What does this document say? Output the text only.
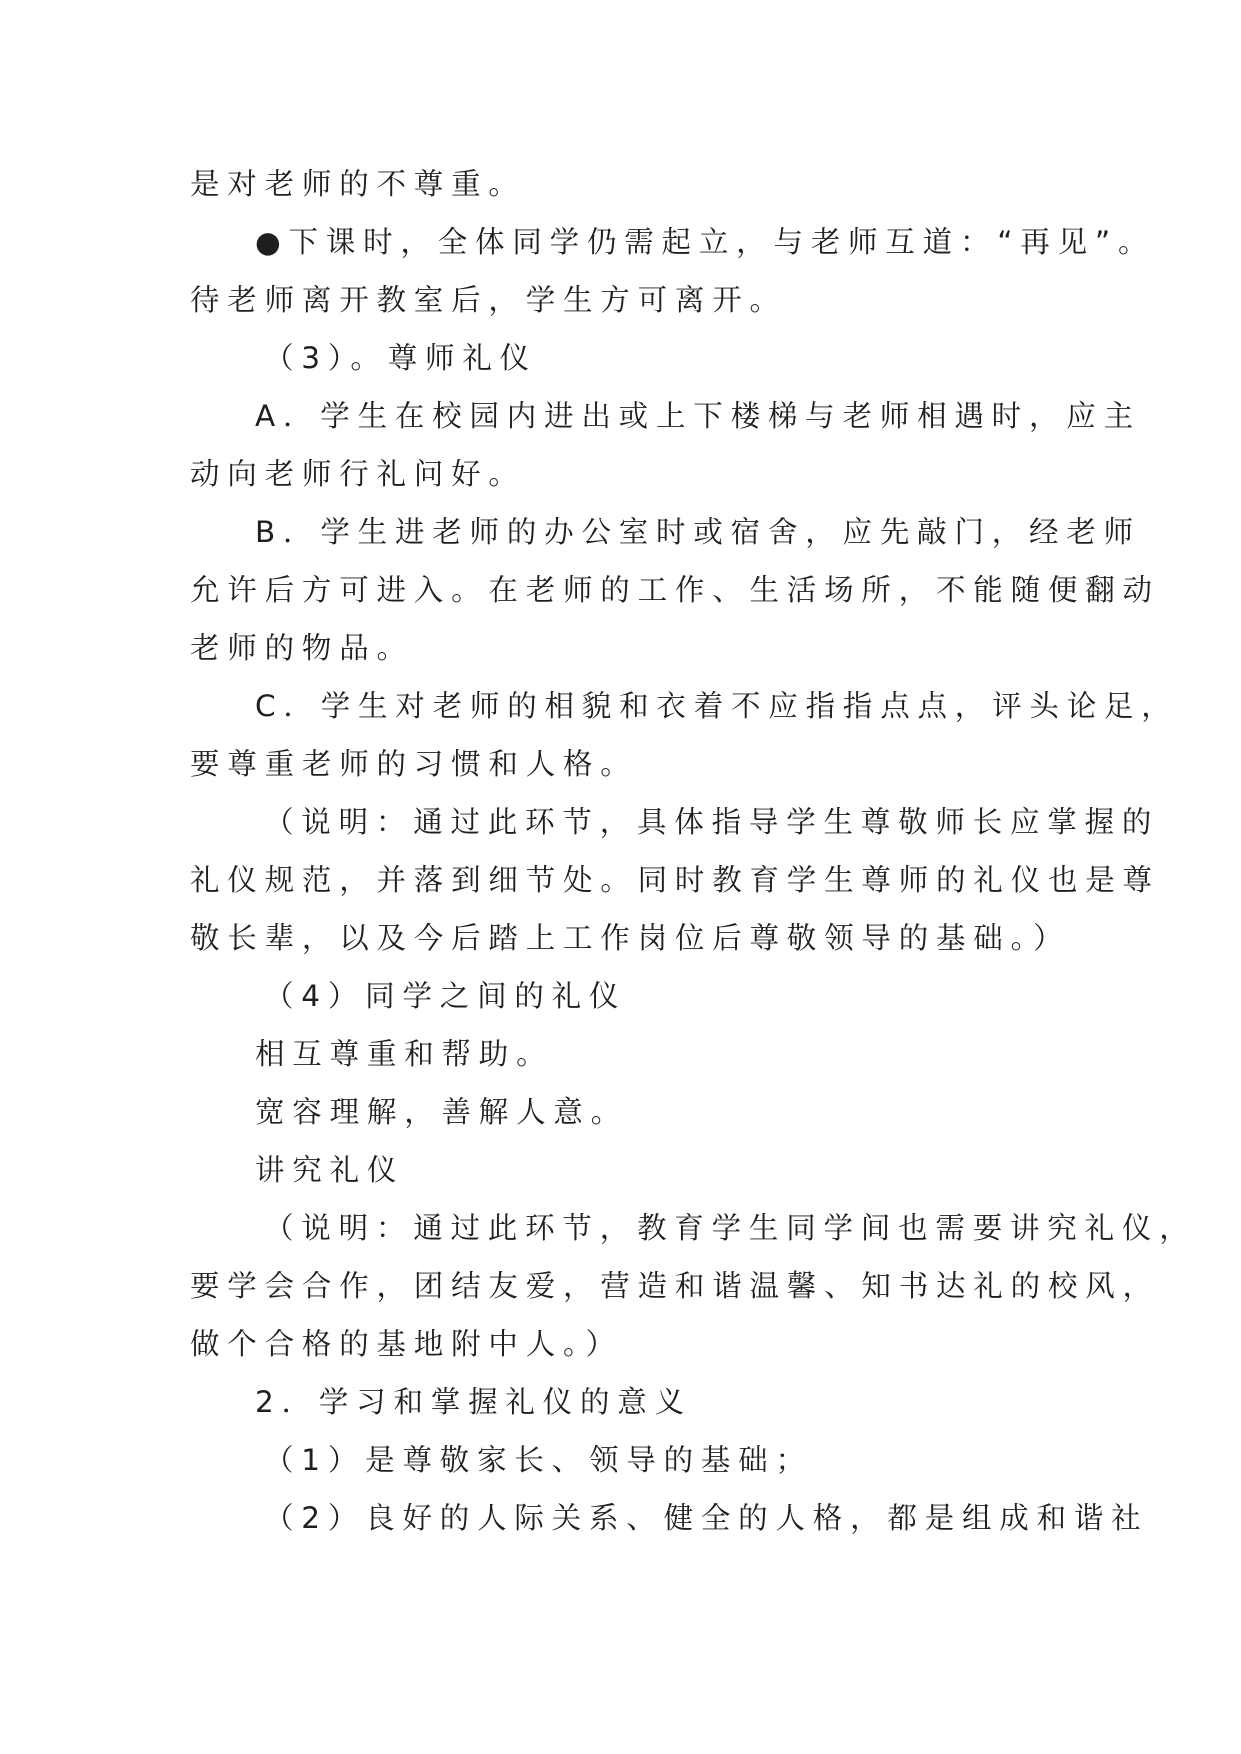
是对老师的不尊重。
●下课时，全体同学仍需起立，与老师互道：“再见”。
待老师离开教室后，学生方可离开。
（3）。尊师礼仪
A．学生在校园内进出或上下楼梯与老师相遇时，应主
动向老师行礼问好。
B．学生进老师的办公室时或宿舍，应先敲门，经老师
允许后方可进入。在老师的工作、生活场所，不能随便翻动
老师的物品。
C．学生对老师的相貌和衣着不应指指点点，评头论足，
要尊重老师的习惯和人格。
（说明：通过此环节，具体指导学生尊敬师长应掌握的
礼仪规范，并落到细节处。同时教育学生尊师的礼仪也是尊
敬长辈，以及今后踏上工作岗位后尊敬领导的基础。）
（4）同学之间的礼仪
相互尊重和帮助。
宽容理解，善解人意。
讲究礼仪
（说明：通过此环节，教育学生同学间也需要讲究礼仪，
要学会合作，团结友爱，营造和谐温馨、知书达礼的校风，
做个合格的基地附中人。）
2．学习和掌握礼仪的意义
（1）是尊敬家长、领导的基础；
（2）良好的人际关系、健全的人格，都是组成和谐社
